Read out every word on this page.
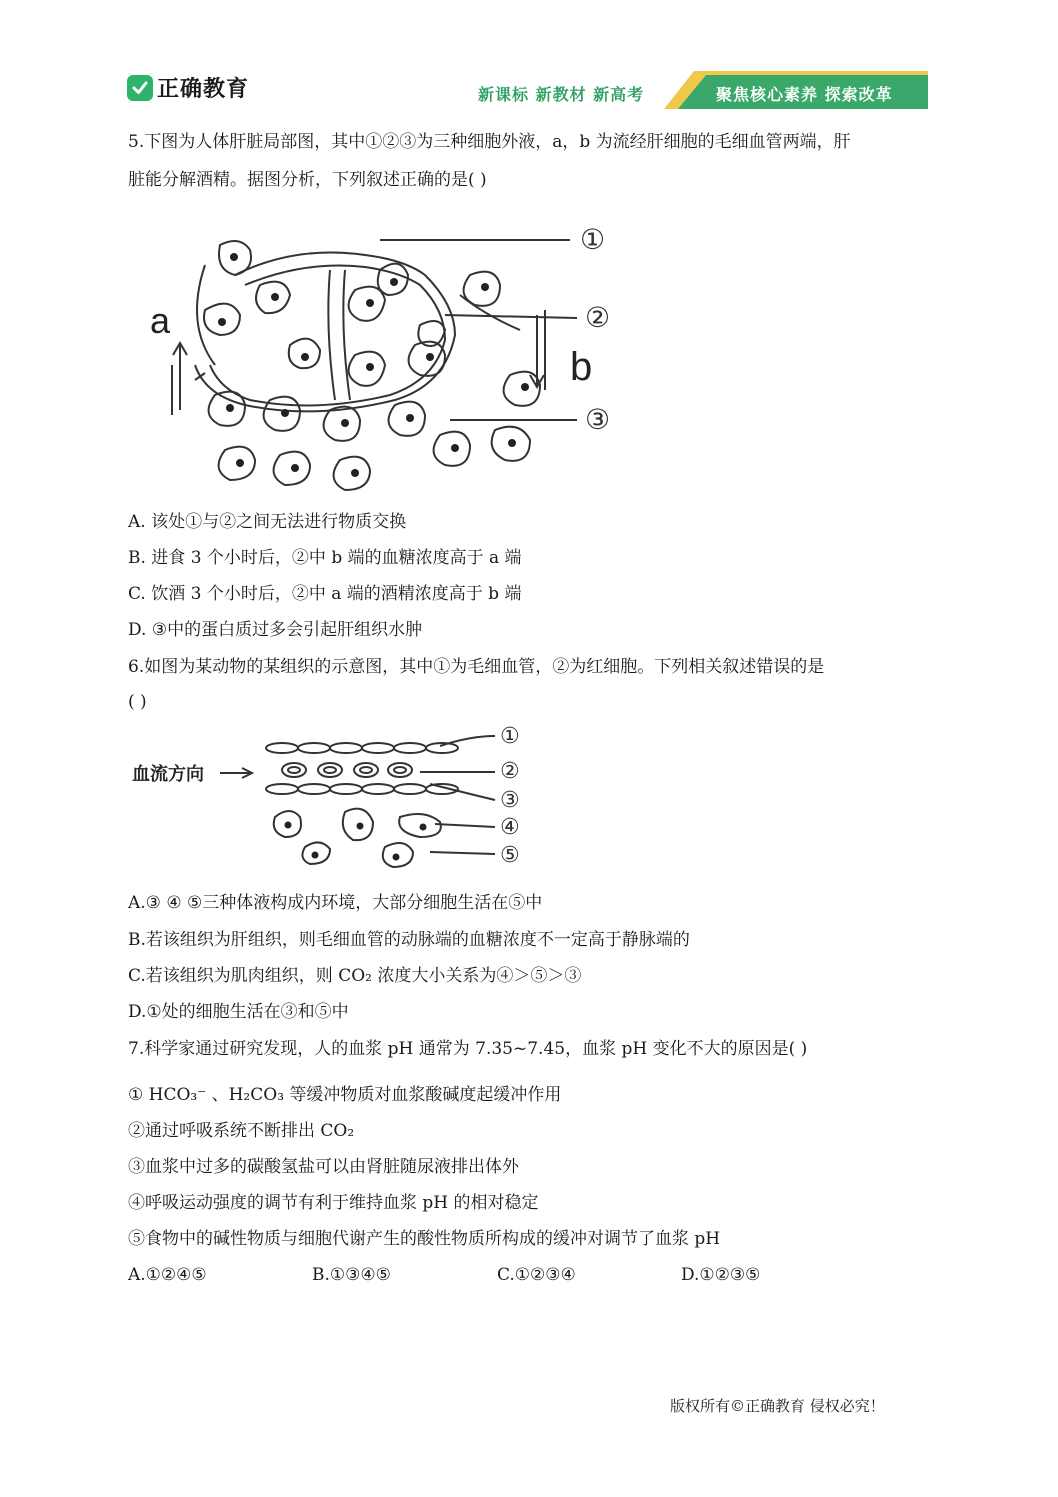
正确教育	新课标 新教材 新高考	聚焦核心素养 探索改革
5.下图为人体肝脏局部图，其中①②③为三种细胞外液，a，b 为流经肝细胞的毛细血管两端，肝
脏能分解酒精。据图分析，下列叙述正确的是( )
a
b
①
②
③
A. 该处①与②之间无法进行物质交换
B. 进食 3 个小时后，②中 b 端的血糖浓度高于 a 端
C. 饮酒 3 个小时后，②中 a 端的酒精浓度高于 b 端
D. ③中的蛋白质过多会引起肝组织水肿
6.如图为某动物的某组织的示意图，其中①为毛细血管，②为红细胞。下列相关叙述错误的是
( )
血流方向
①
②
③
④
⑤
A.③ ④ ⑤三种体液构成内环境，大部分细胞生活在⑤中
B.若该组织为肝组织，则毛细血管的动脉端的血糖浓度不一定高于静脉端的
C.若该组织为肌肉组织，则 CO₂ 浓度大小关系为④＞⑤＞③
D.①处的细胞生活在③和⑤中
7.科学家通过研究发现，人的血浆 pH 通常为 7.35~7.45，血浆 pH 变化不大的原因是( )
① HCO₃⁻ 、H₂CO₃ 等缓冲物质对血浆酸碱度起缓冲作用
②通过呼吸系统不断排出 CO₂
③血浆中过多的碳酸氢盐可以由肾脏随尿液排出体外
④呼吸运动强度的调节有利于维持血浆 pH 的相对稳定
⑤食物中的碱性物质与细胞代谢产生的酸性物质所构成的缓冲对调节了血浆 pH
A.①②④⑤	B.①③④⑤	C.①②③④	D.①②③⑤
版权所有©正确教育 侵权必究！
